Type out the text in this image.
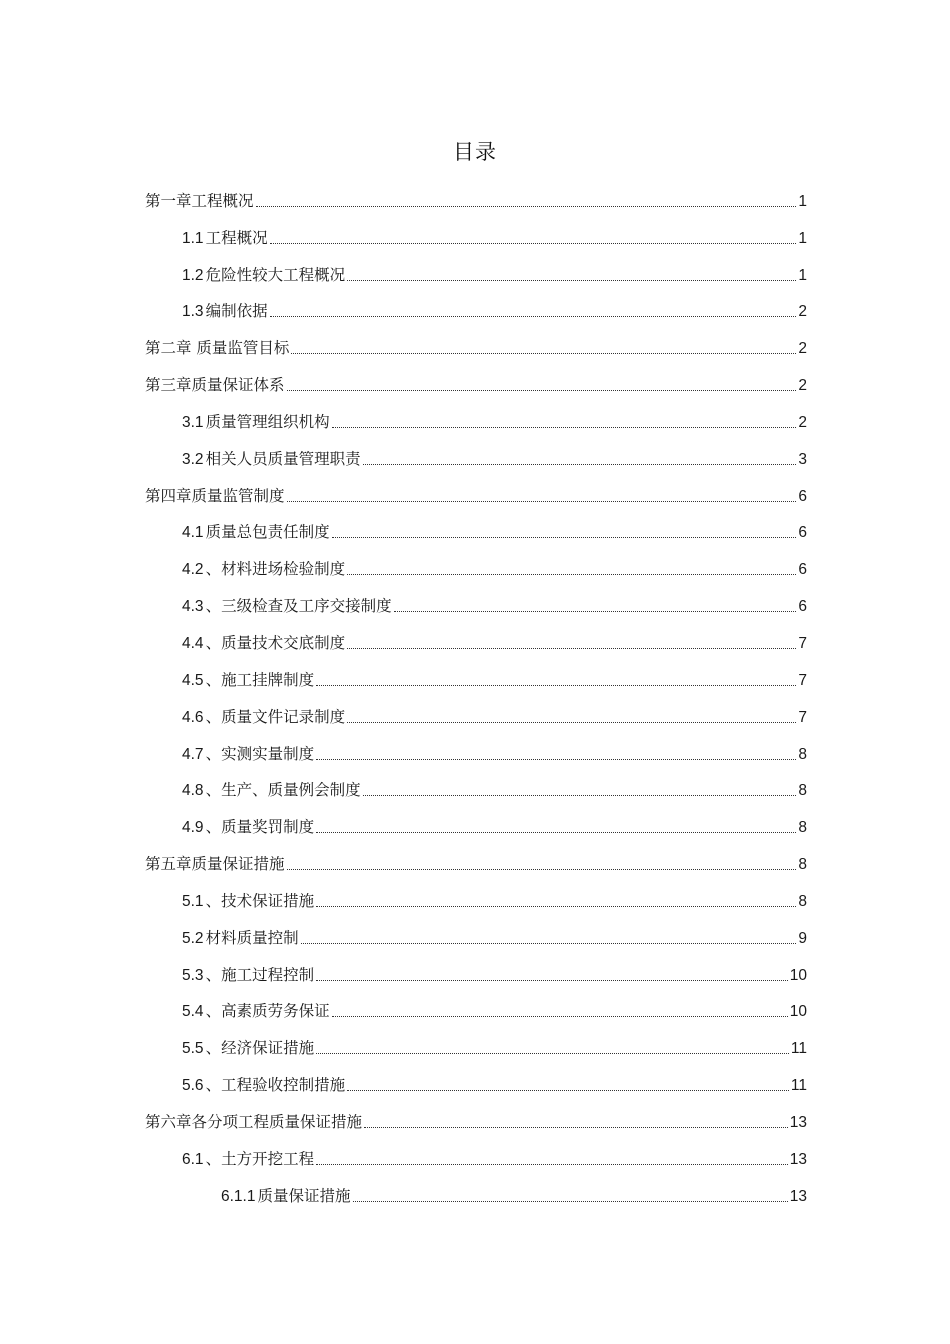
目录
第一章工程概况	1
1.1 工程概况	1
1.2 危险性较大工程概况	1
1.3 编制依据	2
第二章 质量监管目标	2
第三章质量保证体系	2
3.1 质量管理组织机构	2
3.2 相关人员质量管理职责	3
第四章质量监管制度	6
4.1 质量总包责任制度	6
4.2 、材料进场检验制度	6
4.3 、三级检查及工序交接制度	6
4.4 、质量技术交底制度	7
4.5 、施工挂牌制度	7
4.6 、质量文件记录制度	7
4.7 、实测实量制度	8
4.8 、生产、质量例会制度	8
4.9 、质量奖罚制度	8
第五章质量保证措施	8
5.1 、技术保证措施	8
5.2 材料质量控制	9
5.3 、施工过程控制	10
5.4 、高素质劳务保证	10
5.5 、经济保证措施	11
5.6 、工程验收控制措施	11
第六章各分项工程质量保证措施	13
6.1 、土方开挖工程	13
6.1.1 质量保证措施	13
